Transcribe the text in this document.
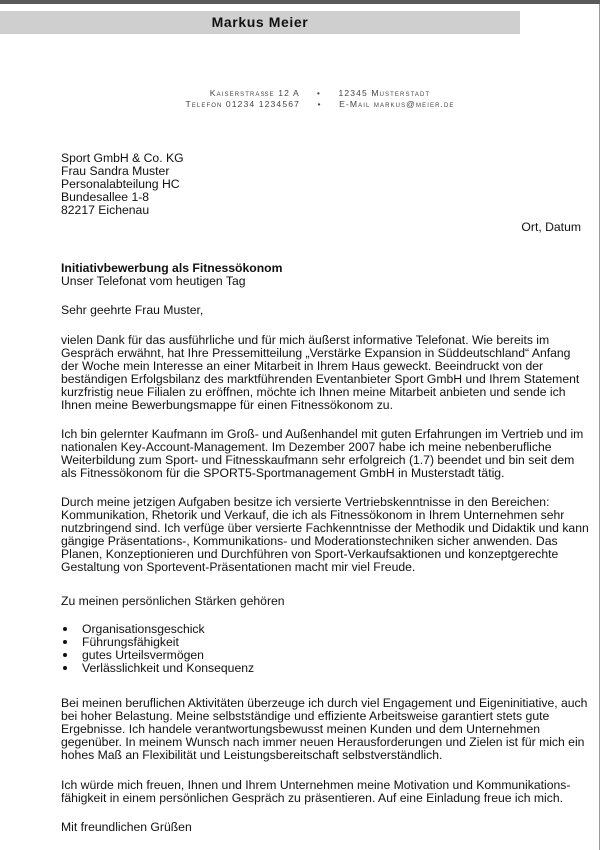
Markus Meier
Kaiserstraße 12 A • 12345 Musterstadt
Telefon 01234 1234567 • E-Mail markus@meier.de
Sport GmbH & Co. KG
Frau Sandra Muster
Personalabteilung HC
Bundesallee 1-8
82217 Eichenau
Ort, Datum
Initiativbewerbung als Fitnessökonom
Unser Telefonat vom heutigen Tag
Sehr geehrte Frau Muster,

vielen Dank für das ausführliche und für mich äußerst informative Telefonat. Wie bereits im Gespräch erwähnt, hat Ihre Pressemitteilung „Verstärke Expansion in Süddeutschland“ Anfang der Woche mein Interesse an einer Mitarbeit in Ihrem Haus geweckt. Beeindruckt von der beständigen Erfolgsbilanz des marktführenden Eventanbieter Sport GmbH und Ihrem Statement kurzfristig neue Filialen zu eröffnen, möchte ich Ihnen meine Mitarbeit anbieten und sende ich Ihnen meine Bewerbungsmappe für einen Fitnessökonom zu.

Ich bin gelernter Kaufmann im Groß- und Außenhandel mit guten Erfahrungen im Vertrieb und im nationalen Key-Account-Management. Im Dezember 2007 habe ich meine nebenberufliche Weiterbildung zum Sport- und Fitnesskaufmann sehr erfolgreich (1.7) beendet und bin seit dem als Fitnessökonom für die SPORT5-Sportmanagement GmbH in Musterstadt tätig.

Durch meine jetzigen Aufgaben besitze ich versierte Vertriebskenntnisse in den Bereichen: Kommunikation, Rhetorik und Verkauf, die ich als Fitnessökonom in Ihrem Unternehmen sehr nutzbringend sind. Ich verfüge über versierte Fachkenntnisse der Methodik und Didaktik und kann gängige Präsentations-, Kommunikations- und Moderationstechniken sicher anwenden. Das Planen, Konzeptionieren und Durchführen von Sport-Verkaufsaktionen und konzeptgerechte Gestaltung von Sportevent-Präsentationen macht mir viel Freude.

Zu meinen persönlichen Stärken gehören

Organisationsgeschick
Führungsfähigkeit
gutes Urteilsvermögen
Verlässlichkeit und Konsequenz

Bei meinen beruflichen Aktivitäten überzeuge ich durch viel Engagement und Eigeninitiative, auch bei hoher Belastung. Meine selbstständige und effiziente Arbeitsweise garantiert stets gute Ergebnisse. Ich handele verantwortungsbewusst meinen Kunden und dem Unternehmen gegenüber. In meinem Wunsch nach immer neuen Herausforderungen und Zielen ist für mich ein hohes Maß an Flexibilität und Leistungsbereitschaft selbstverständlich.

Ich würde mich freuen, Ihnen und Ihrem Unternehmen meine Motivation und Kommunikations-fähigkeit in einem persönlichen Gespräch zu präsentieren. Auf eine Einladung freue ich mich.

Mit freundlichen Grüßen
